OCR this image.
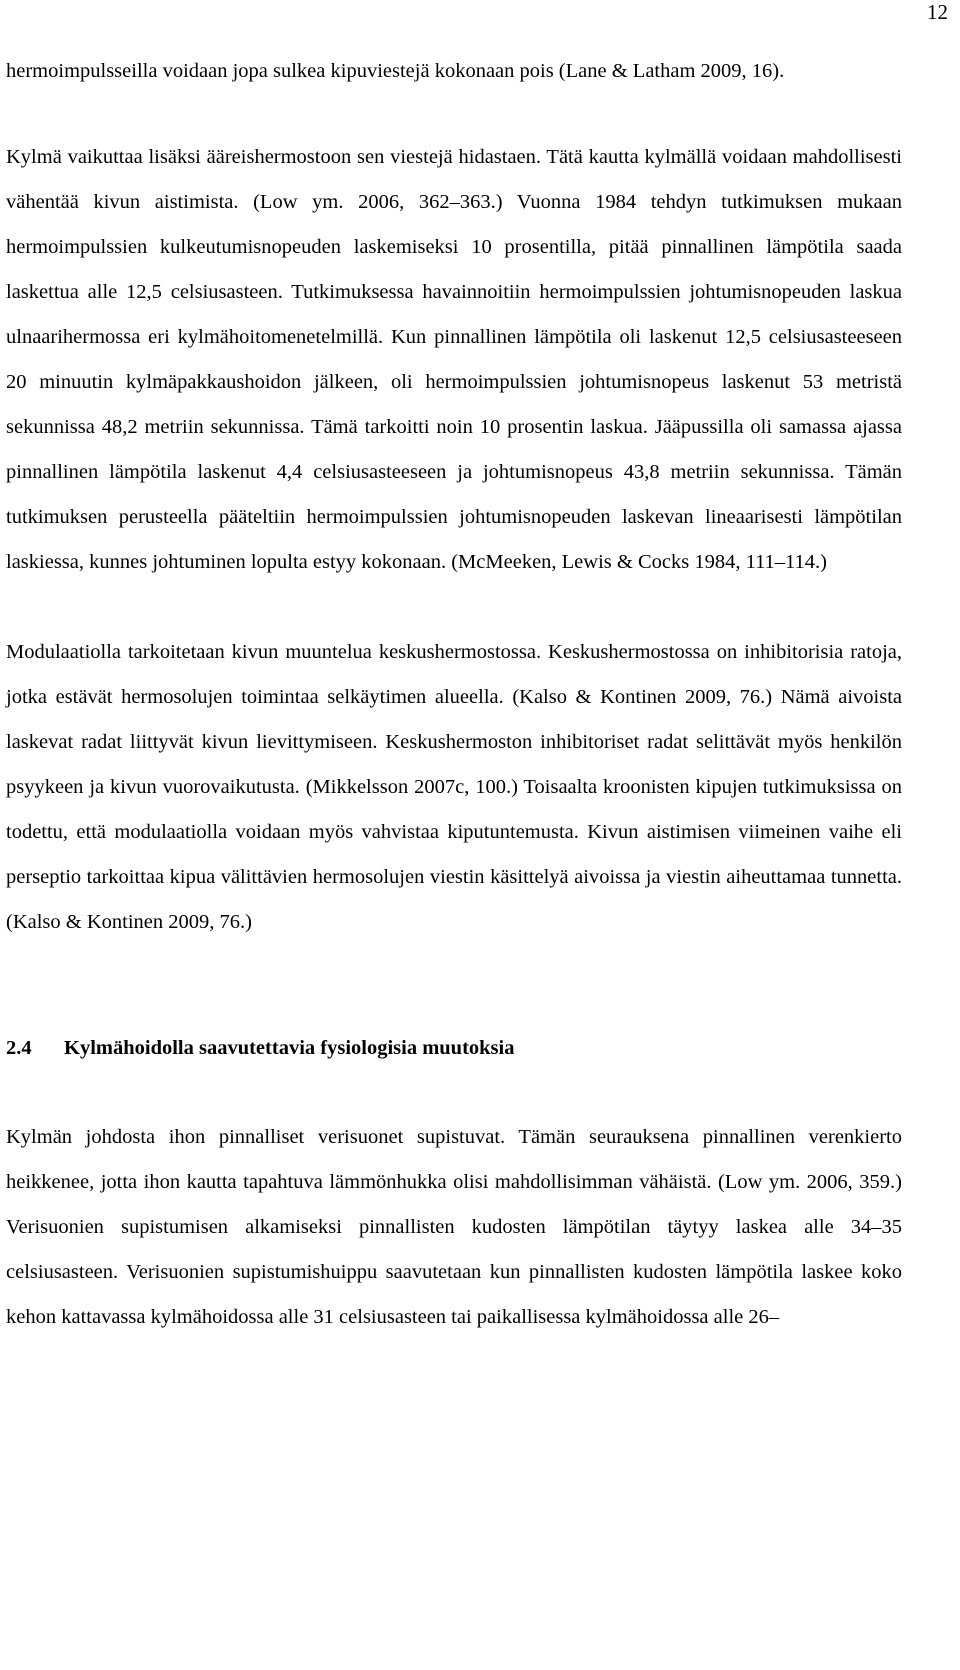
12

hermoimpulsseilla voidaan jopa sulkea kipuviestejä kokonaan pois (Lane & Latham 2009, 16).

Kylmä vaikuttaa lisäksi ääreishermostoon sen viestejä hidastaen. Tätä kautta kylmällä voidaan mahdollisesti vähentää kivun aistimista. (Low ym. 2006, 362–363.) Vuonna 1984 tehdyn tutkimuksen mukaan hermoimpulssien kulkeutumisnopeuden laskemiseksi 10 prosentilla, pitää pinnallinen lämpötila saada laskettua alle 12,5 celsiusasteen. Tutkimuksessa havainnoitiin hermoimpulssien johtumisnopeuden laskua ulnaarihermossa eri kylmähoitomenetelmillä. Kun pinnallinen lämpötila oli laskenut 12,5 celsiusasteeseen 20 minuutin kylmäpakkaushoidon jälkeen, oli hermoimpulssien johtumisnopeus laskenut 53 metristä sekunnissa 48,2 metriin sekunnissa. Tämä tarkoitti noin 10 prosentin laskua. Jääpussilla oli samassa ajassa pinnallinen lämpötila laskenut 4,4 celsiusasteeseen ja johtumisnopeus 43,8 metriin sekunnissa. Tämän tutkimuksen perusteella pääteltiin hermoimpulssien johtumisnopeuden laskevan lineaarisesti lämpötilan laskiessa, kunnes johtuminen lopulta estyy kokonaan. (McMeeken, Lewis & Cocks 1984, 111–114.)

Modulaatiolla tarkoitetaan kivun muuntelua keskushermostossa. Keskushermostossa on inhibitorisia ratoja, jotka estävät hermosolujen toimintaa selkäytimen alueella. (Kalso & Kontinen 2009, 76.) Nämä aivoista laskevat radat liittyvät kivun lievittymiseen. Keskushermoston inhibitoriset radat selittävät myös henkilön psyykeen ja kivun vuorovaikutusta. (Mikkelsson 2007c, 100.) Toisaalta kroonisten kipujen tutkimuksissa on todettu, että modulaatiolla voidaan myös vahvistaa kiputuntemusta. Kivun aistimisen viimeinen vaihe eli perseptio tarkoittaa kipua välittävien hermosolujen viestin käsittelyä aivoissa ja viestin aiheuttamaa tunnetta. (Kalso & Kontinen 2009, 76.)

2.4 Kylmähoidolla saavutettavia fysiologisia muutoksia

Kylmän johdosta ihon pinnalliset verisuonet supistuvat. Tämän seurauksena pinnallinen verenkierto heikkenee, jotta ihon kautta tapahtuva lämmönhukka olisi mahdollisimman vähäistä. (Low ym. 2006, 359.) Verisuonien supistumisen alkamiseksi pinnallisten kudosten lämpötilan täytyy laskea alle 34–35 celsiusasteen. Verisuonien supistumishuippu saavutetaan kun pinnallisten kudosten lämpötila laskee koko kehon kattavassa kylmähoidossa alle 31 celsiusasteen tai paikallisessa kylmähoidossa alle 26–
